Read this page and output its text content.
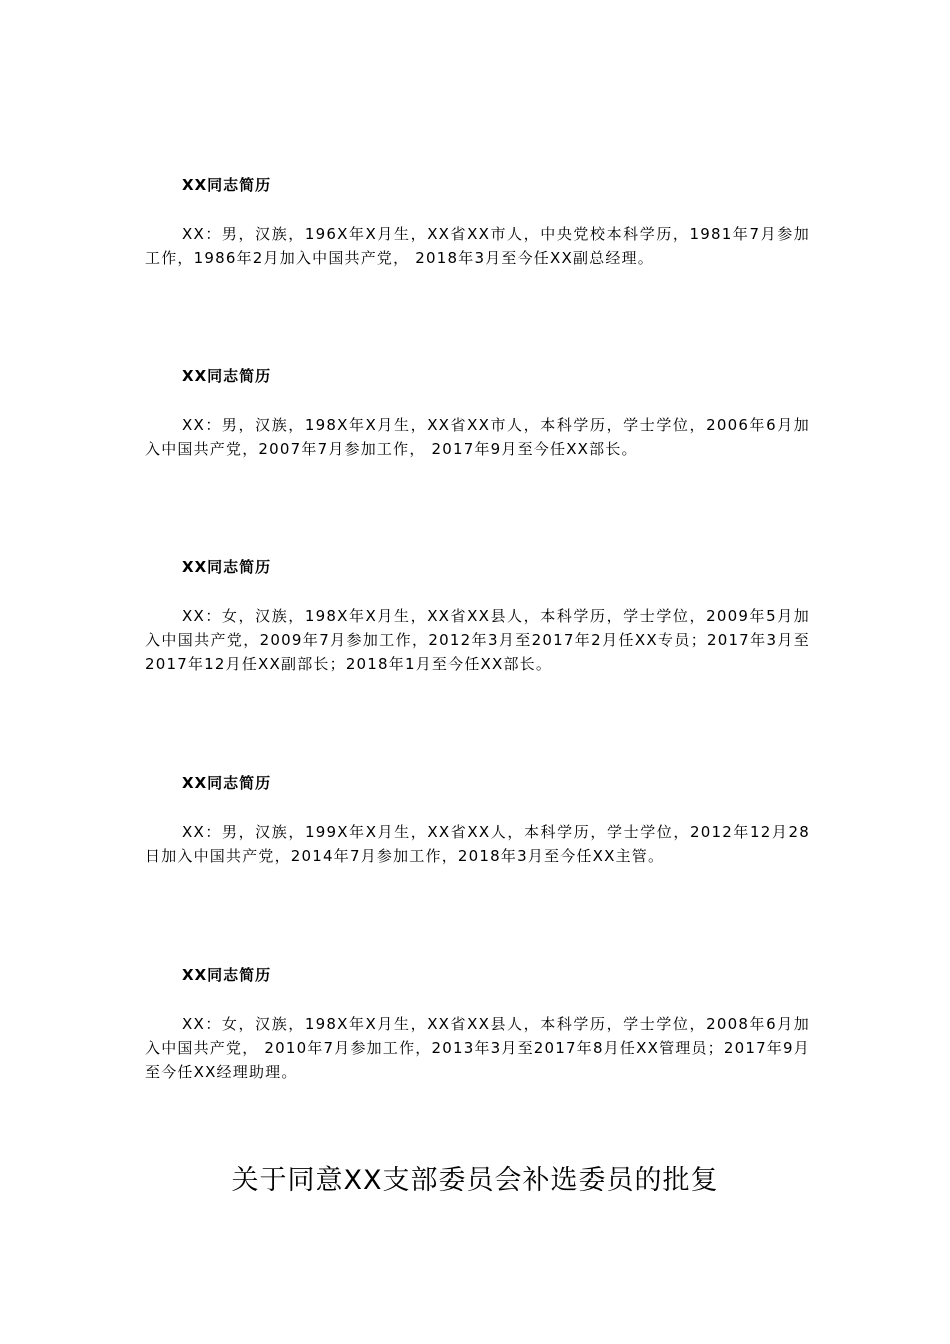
XX同志简历

XX：男，汉族，196X年X月生，XX省XX市人，中央党校本科学历，1981年7月参加工作，1986年2月加入中国共产党， 2018年3月至今任XX副总经理。

XX同志简历

XX：男，汉族，198X年X月生，XX省XX市人，本科学历，学士学位，2006年6月加入中国共产党，2007年7月参加工作， 2017年9月至今任XX部长。

XX同志简历

XX：女，汉族，198X年X月生，XX省XX县人，本科学历，学士学位，2009年5月加入中国共产党，2009年7月参加工作，2012年3月至2017年2月任XX专员；2017年3月至2017年12月任XX副部长；2018年1月至今任XX部长。

XX同志简历

XX：男，汉族，199X年X月生，XX省XX人，本科学历，学士学位，2012年12月28日加入中国共产党，2014年7月参加工作，2018年3月至今任XX主管。

XX同志简历

XX：女，汉族，198X年X月生，XX省XX县人，本科学历，学士学位，2008年6月加入中国共产党， 2010年7月参加工作，2013年3月至2017年8月任XX管理员；2017年9月至今任XX经理助理。

关于同意XX支部委员会补选委员的批复
